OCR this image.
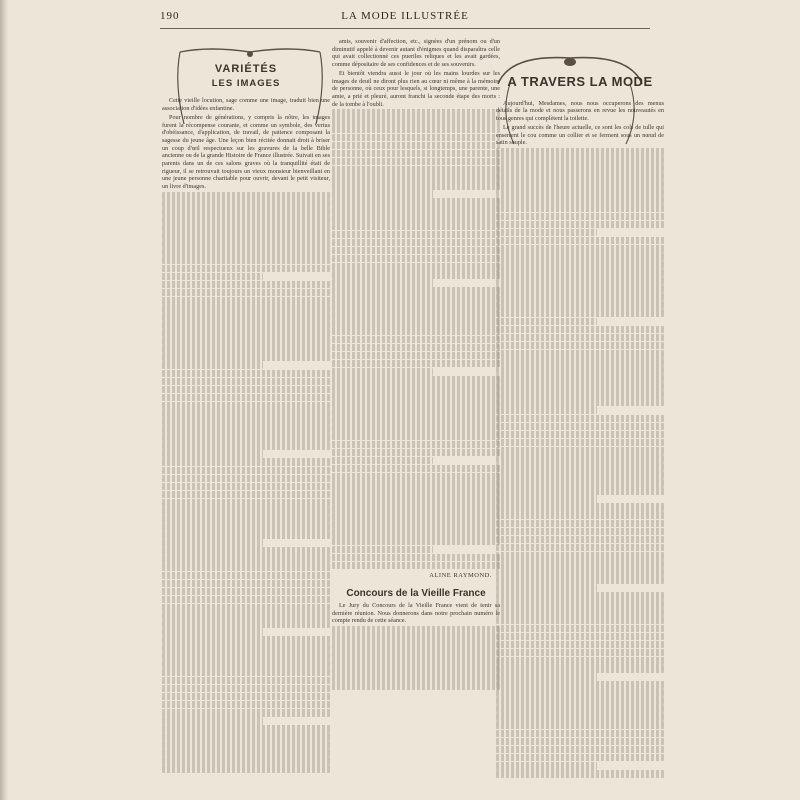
190	LA MODE ILLUSTRÉE
VARIÉTÉS
LES IMAGES

Cette vieille locution, sage comme une image, traduit bien une association d'idées enfantine.

Pour nombre de générations, y compris la nôtre, les images furent la récompense courante, et comme un symbole, des vertus d'obéissance, d'application, de travail, de patience composant la sagesse du jeune âge. Une leçon bien récitée donnait droit à briser un coup d'œil respectueux sur les gravures de la belle Bible ancienne ou de la grande Histoire de France illustrée. Suivait en ses parents dans un de ces salons graves où la tranquillité était de rigueur, il se retrouvait toujours un vieux monsieur bienveillant en une jeune personne charitable pour ouvrir, devant le petit visiteur, un livre d'images.

amis, souvenir d'affection, etc., signées d'un prénom ou d'un diminutif appelé à devenir autant d'énigmes quand disparaîtra celle qui avait collectionné ces pueriles reliques et les avait gardées, comme dépositaire de ses confidences et de ses souvenirs.

Et bientôt viendra aussi le jour où les mains lourdes sur les images de deuil ne diront plus rien au cœur ni même à la mémoire de personne, où ceux pour lesquels, si longtemps, une parente, une amie, a prié et pleuré, auront franchi la seconde étape des morts : de la tombe à l'oubli.

ALINE RAYMOND.
Concours de la Vieille France

Le Jury du Concours de la Vieille France vient de tenir sa dernière réunion. Nous donnerons dans notre prochain numéro le compte rendu de cette séance.

A TRAVERS LA MODE

Aujourd'hui, Mesdames, nous nous occuperons des menus détails de la mode et nous passerons en revue les nouveautés en tous genres qui complètent la toilette.

Le grand succès de l'heure actuelle, ce sont les cols de tulle qui enserrent le cou comme un collier et se ferment sous un nœud de satin souple.
